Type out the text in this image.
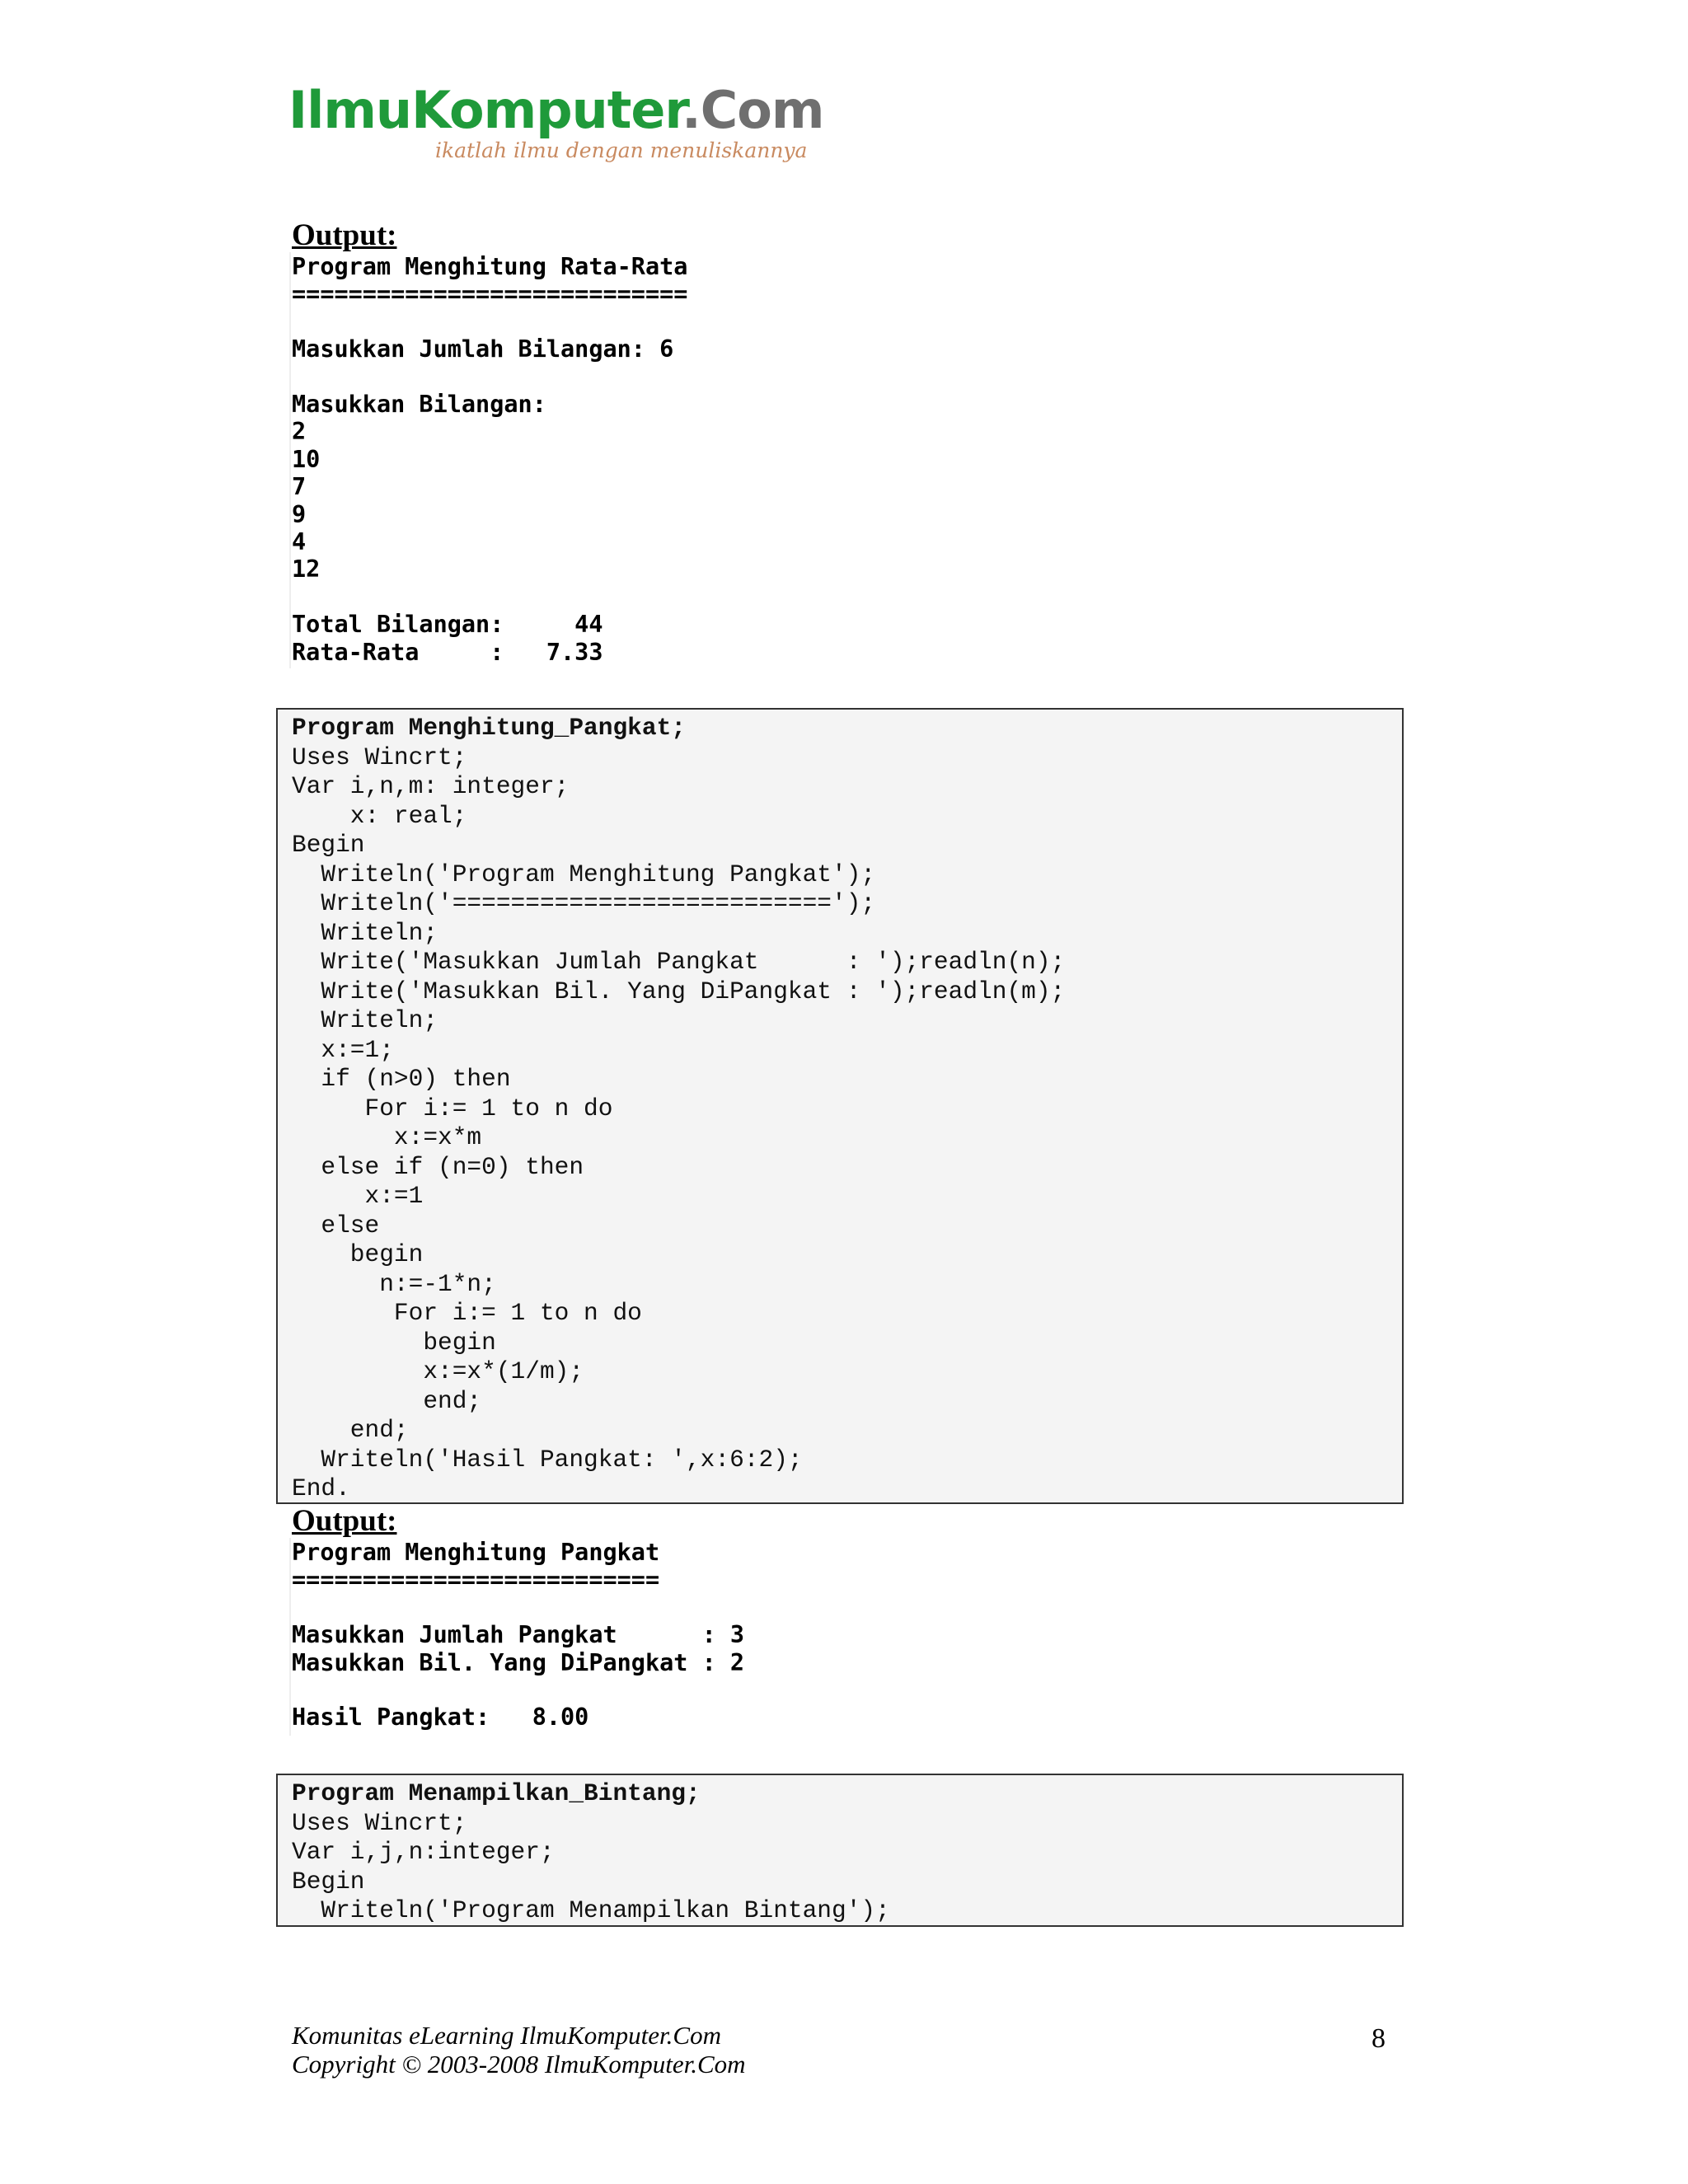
IlmuKomputer.Com
ikatlah ilmu dengan menuliskannya
Output:
Program Menghitung Rata-Rata
============================

Masukkan Jumlah Bilangan: 6

Masukkan Bilangan:
2
10
7
9
4
12

Total Bilangan:     44
Rata-Rata     :   7.33
Program Menghitung_Pangkat;
Uses Wincrt;
Var i,n,m: integer;
x: real;
Begin
Writeln('Program Menghitung Pangkat');
Writeln('==========================');
Writeln;
Write('Masukkan Jumlah Pangkat      : ');readln(n);
Write('Masukkan Bil. Yang DiPangkat : ');readln(m);
Writeln;
x:=1;
if (n>0) then
For i:= 1 to n do
x:=x*m
else if (n=0) then
x:=1
else
begin
n:=-1*n;
For i:= 1 to n do
begin
x:=x*(1/m);
end;
end;
Writeln('Hasil Pangkat: ',x:6:2);
End.
Output:
Program Menghitung Pangkat
==========================

Masukkan Jumlah Pangkat      : 3
Masukkan Bil. Yang DiPangkat : 2

Hasil Pangkat:   8.00
Program Menampilkan_Bintang;
Uses Wincrt;
Var i,j,n:integer;
Begin
Writeln('Program Menampilkan Bintang');
Komunitas eLearning IlmuKomputer.Com
Copyright © 2003-2008 IlmuKomputer.Com
8
